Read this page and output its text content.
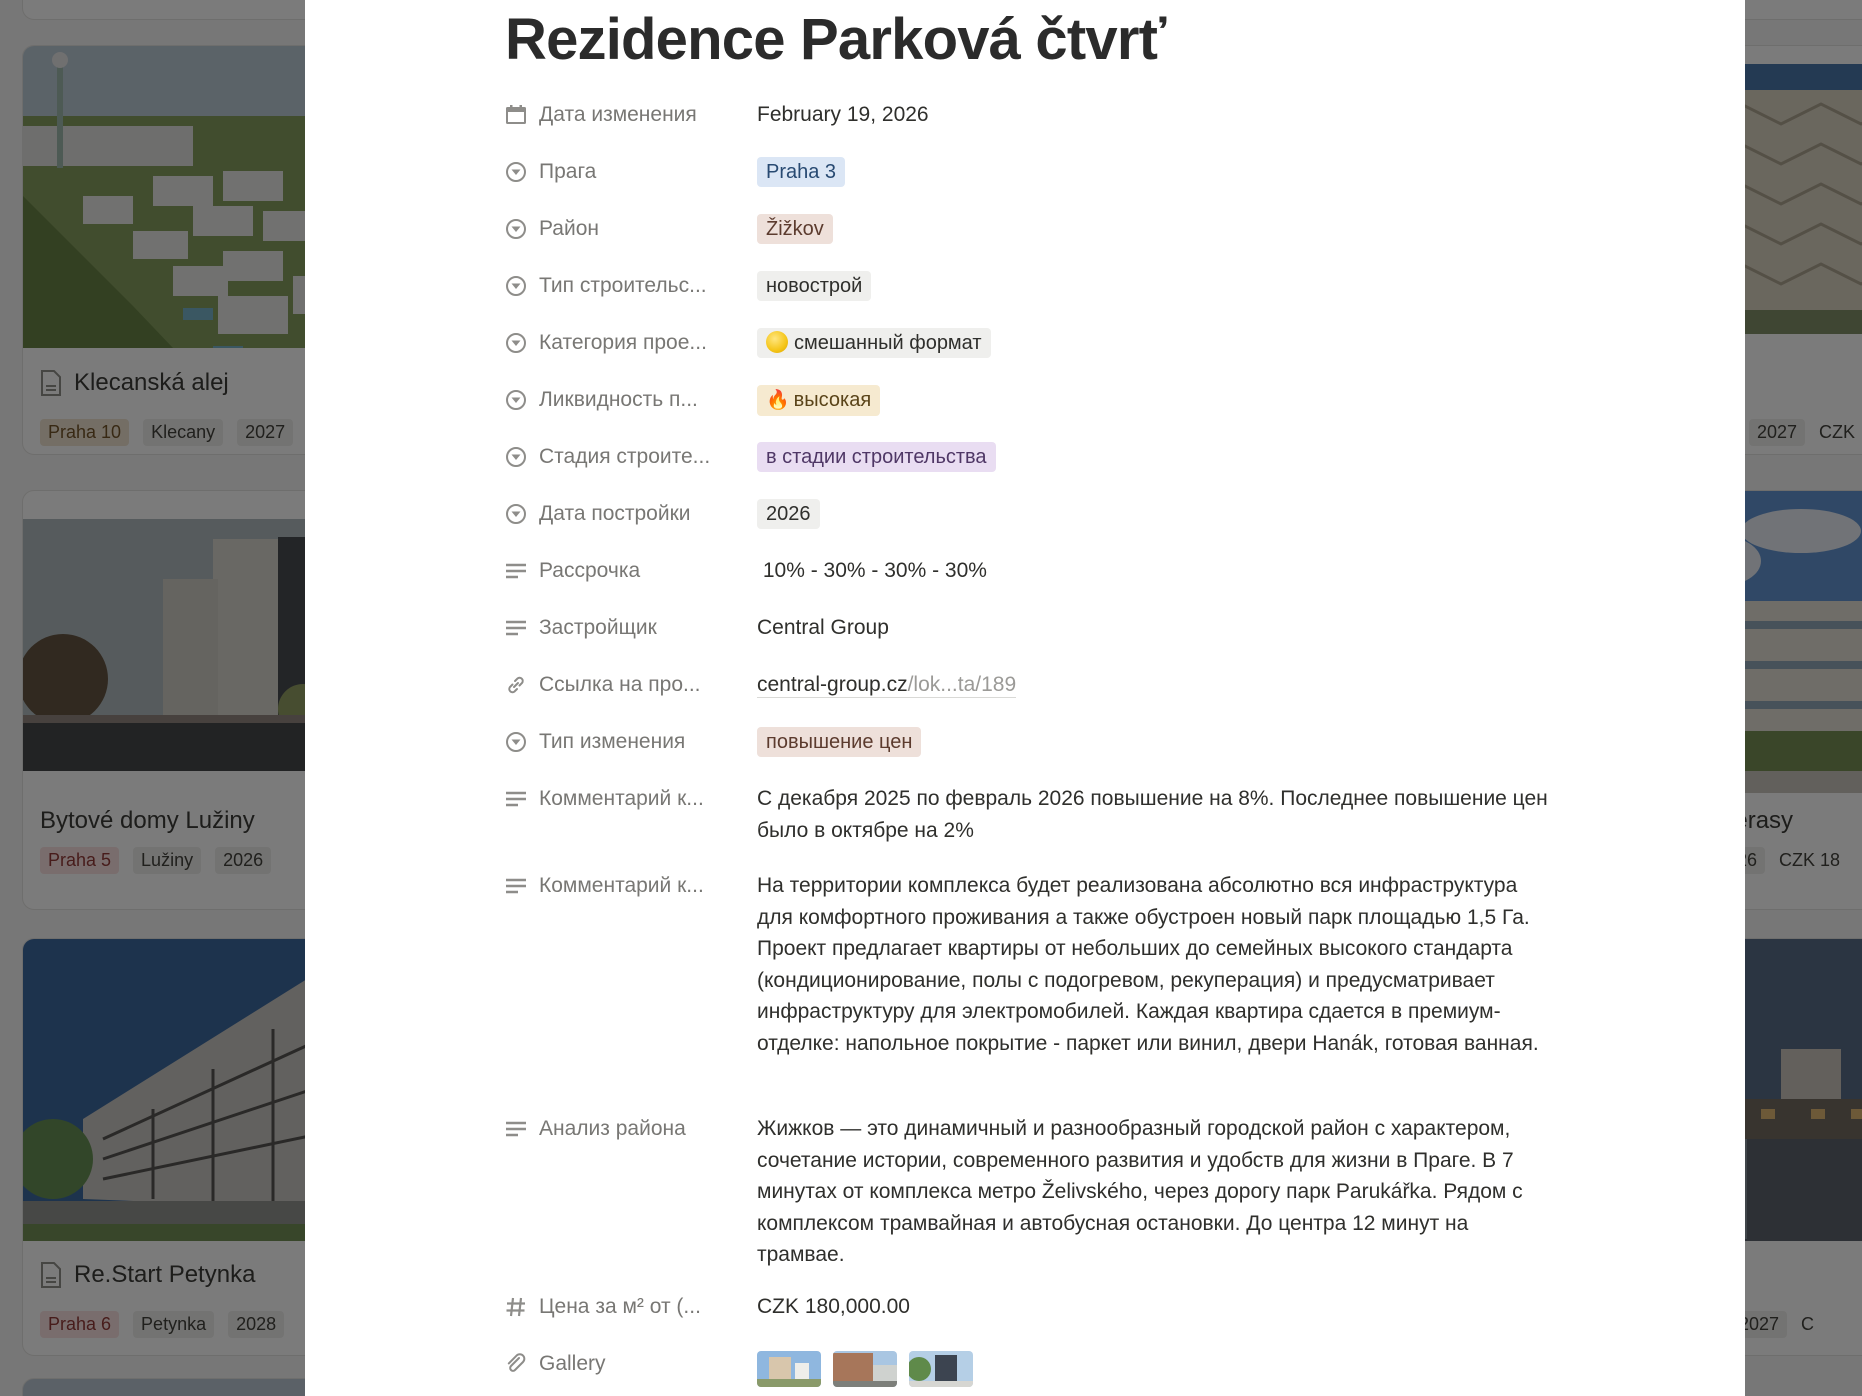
Rezidence Parková čtvrť
Дата изменения	February 19, 2026
Прага	Praha 3
Район	Žižkov
Тип строительс...	новострой
Категория прое...	смешанный формат
Ликвидность п...	🔥 высокая
Стадия строите...	в стадии строительства
Дата постройки	2026
Рассрочка	10% - 30% - 30% - 30%
Застройщик	Central Group
Ссылка на про...	central-group.cz/lok...ta/189
Тип изменения	повышение цен
Комментарий к...	С декабря 2025 по февраль 2026 повышение на 8%. Последнее повышение цен было в октябре на 2%
Комментарий к...	На территории комплекса будет реализована абсолютно вся инфраструктура для комфортного проживания а также обустроен новый парк площадью 1,5 Га. Проект предлагает квартиры от небольших до семейных высокого стандарта (кондиционирование, полы с подогревом, рекуперация) и предусматривает инфраструктуру для электромобилей. Каждая квартира сдается в премиум-отделке: напольное покрытие - паркет или винил, двери Hanák, готовая ванная.
Анализ района	Жижков — это динамичный и разнообразный городской район с характером, сочетание истории, современного развития и удобств для жизни в Праге. В 7 минутах от комплекса метро Želivského, через дорогу парк Parukářka. Рядом с комплексом трамвайная и автобусная остановки. До центра 12 минут на трамвае.
Цена за м² от (...	CZK 180,000.00
Gallery
